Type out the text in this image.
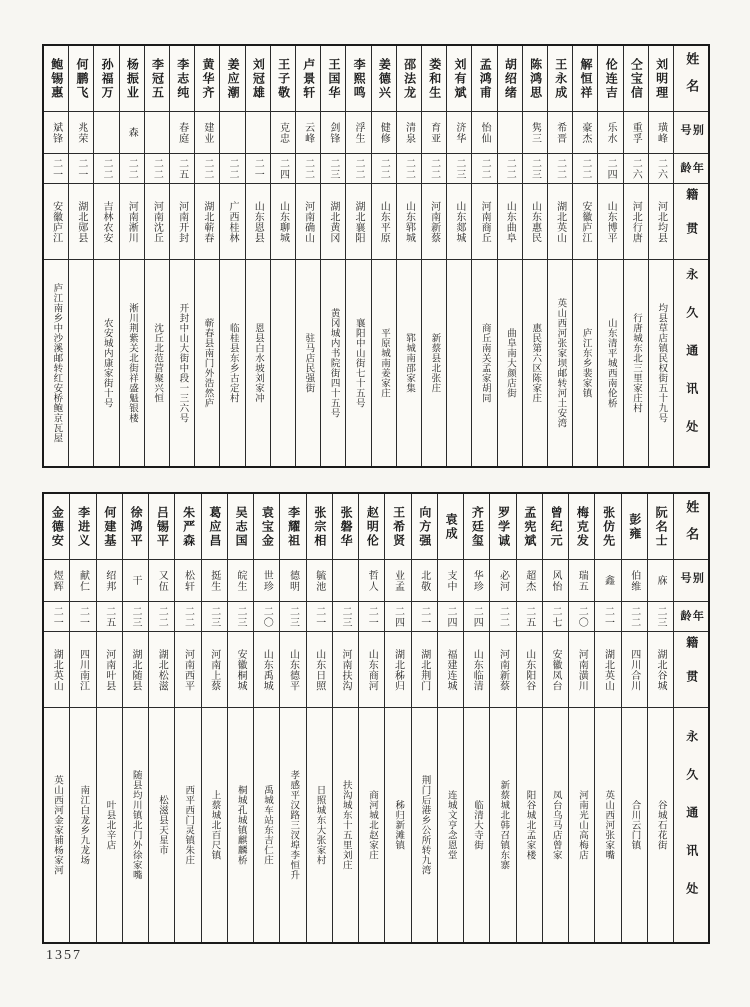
姓名
别号
年龄
籍贯
永久通讯处
刘明理
璜峰
二六
河北均县
均县草店镇民权街五十九号
仝宝信
重孚
二六
河北行唐
行唐城东北三里家庄村
伦连吉
乐水
二四
山东博平
山东清平城西南伦桥
解恒祥
豪杰
二二
安徽庐江
庐江东乡裴家镇
王永成
希晋
二二
湖北英山
英山西河张家坝邮转河土安湾
陈鸿思
隽三
二三
山东惠民
惠民第六区陈家庄
胡绍绪
二二
山东曲阜
曲阜南大颜店街
孟鸿甫
怡仙
二二
河南商丘
商丘南关孟家胡同
刘有斌
济华
二三
山东郯城
娄和生
育亚
二二
河南新蔡
新蔡县北张庄
邵法龙
清泉
二二
山东郓城
郓城南邵家集
姜德兴
健修
二二
山东平原
平原城南姜家庄
李熙鸣
浮生
二二
湖北襄阳
襄阳中山街七十五号
王国华
剑锋
二三
湖北黄冈
黄冈城内书院街四十五号
卢景轩
云峰
二二
河南确山
驻马店民强街
王子敬
克忠
二四
山东聊城
刘冠雄
二一
山东恩县
恩县白水坡刘家冲
姜应潮
二二
广西桂林
临桂县东乡古定村
黄华齐
建业
二二
湖北蕲春
蕲春县南门外浩然庐
李志纯
春庭
二五
河南开封
开封中山大街中段一三六号
李冠五
二二
河南沈丘
沈丘北范营聚兴恒
杨振业
森
二二
河南淅川
淅川荆紫关北街祥盛魁银楼
孙福万
二二
吉林农安
农安城内康家街十号
何鹏飞
兆荣
二一
湖北郧县
鲍锡惠
斌锋
二一
安徽庐江
庐江南乡中沙溪邮转红安桥鲍京瓦屋
姓名
别号
年龄
籍贯
永久通讯处
阮名士
庥
二三
湖北谷城
谷城石花街
彭雍
伯维
二二
四川合川
合川云门镇
张仿先
鑫
二一
湖北英山
英山西河张家嘴
梅克发
瑞五
二〇
河南潢川
河南光山高梅店
曾纪元
风怡
二七
安徽凤台
凤台乌马店曾家
孟宪斌
超杰
二五
山东阳谷
阳谷城北孟家楼
罗学诚
必河
二二
河南新蔡
新蔡城北韩召镇东寨
齐廷玺
华珍
二四
山东临清
临清大寺街
袁成
支中
二四
福建连城
连城文亨念恩堂
向方强
北敬
二一
湖北荆门
荆门后港乡公所转九湾
王希贤
业孟
二四
湖北秭归
秭归新滩镇
赵明伦
哲人
二一
山东商河
商河城北赵家庄
张磐华
二三
河南扶沟
扶沟城东十五里刘庄
张宗相
毓池
二一
山东日照
日照城东大张家村
李耀祖
德明
二三
山东德平
孝感平汉路三汊埠李恒升
袁宝金
世珍
二〇
山东禹城
禹城车站东吉仁庄
吴志国
皖生
二三
安徽桐城
桐城孔城镇麒麟桥
葛应昌
挺生
二三
河南上蔡
上蔡城北百尺镇
朱严森
松轩
二二
河南西平
西平西门灵镇朱庄
吕锡平
又伍
二二
湖北松滋
松滋县天星市
徐鸿平
干
二三
湖北随县
随县均川镇北门外徐家嘴
何建基
绍邦
二五
河南叶县
叶县北辛店
李进义
献仁
二一
四川南江
南江白龙乡九龙场
金德安
煜辉
二一
湖北英山
英山西河金家铺杨家河
1357
